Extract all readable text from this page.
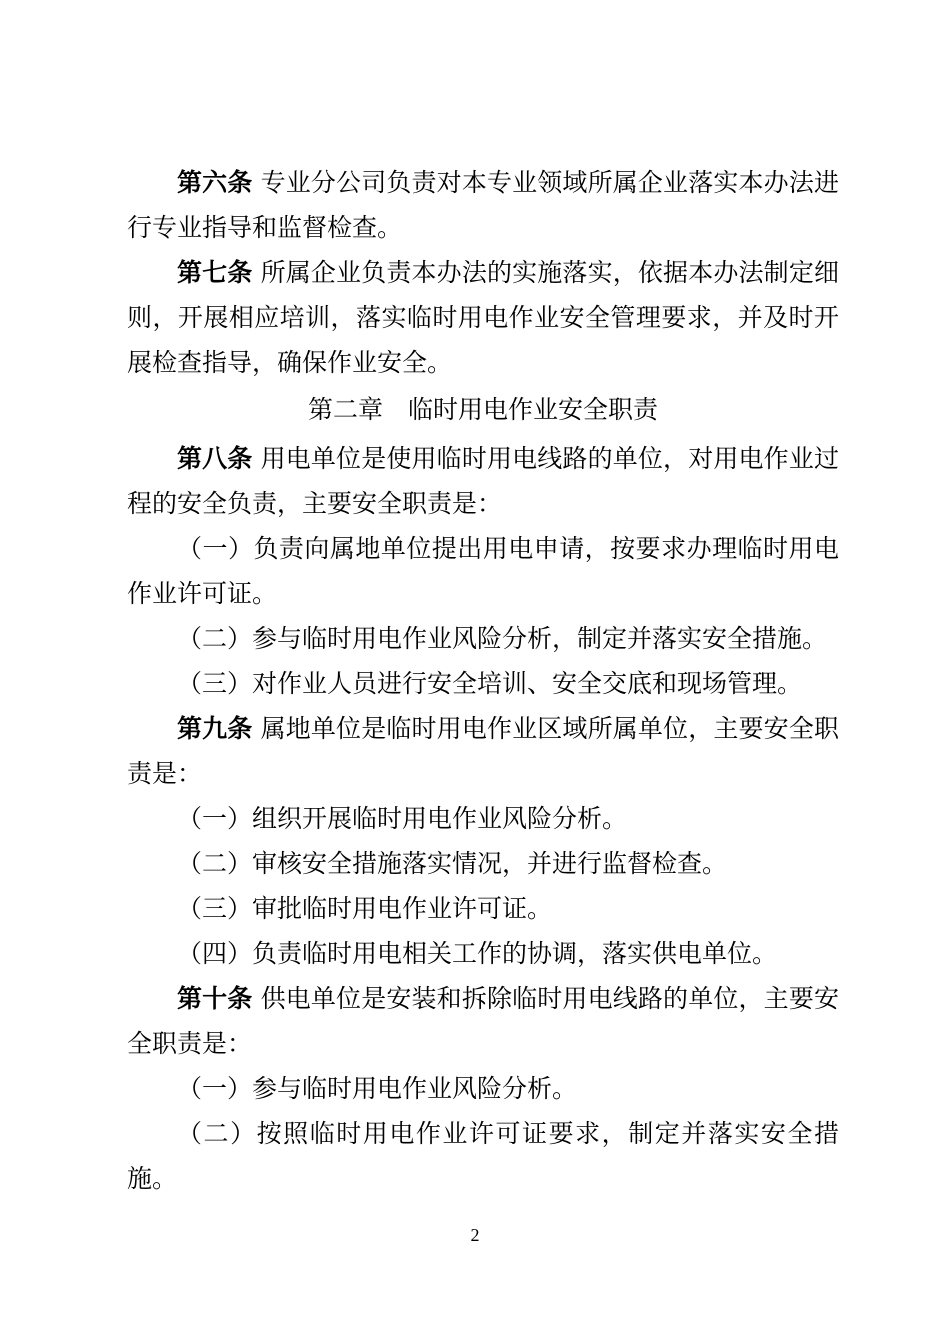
第六条 专业分公司负责对本专业领域所属企业落实本办法进行专业指导和监督检查。

第七条 所属企业负责本办法的实施落实，依据本办法制定细则，开展相应培训，落实临时用电作业安全管理要求，并及时开展检查指导，确保作业安全。

第二章　临时用电作业安全职责

第八条 用电单位是使用临时用电线路的单位，对用电作业过程的安全负责，主要安全职责是：

（一）负责向属地单位提出用电申请，按要求办理临时用电作业许可证。

（二）参与临时用电作业风险分析，制定并落实安全措施。

（三）对作业人员进行安全培训、安全交底和现场管理。

第九条 属地单位是临时用电作业区域所属单位，主要安全职责是：

（一）组织开展临时用电作业风险分析。

（二）审核安全措施落实情况，并进行监督检查。

（三）审批临时用电作业许可证。

（四）负责临时用电相关工作的协调，落实供电单位。

第十条 供电单位是安装和拆除临时用电线路的单位，主要安全职责是：

（一）参与临时用电作业风险分析。

（二）按照临时用电作业许可证要求，制定并落实安全措施。

2
